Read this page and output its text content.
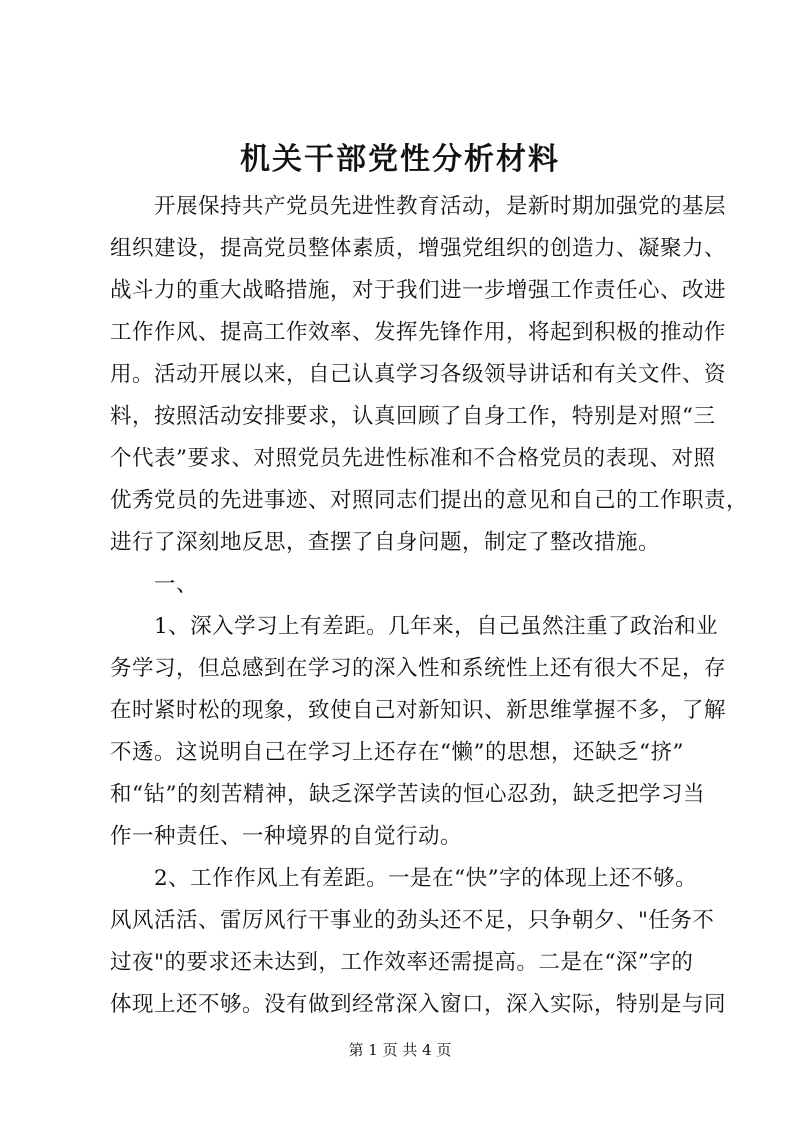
机关干部党性分析材料
　　开展保持共产党员先进性教育活动，是新时期加强党的基层
组织建设，提高党员整体素质，增强党组织的创造力、凝聚力、
战斗力的重大战略措施，对于我们进一步增强工作责任心、改进
工作作风、提高工作效率、发挥先锋作用，将起到积极的推动作
用。活动开展以来，自己认真学习各级领导讲话和有关文件、资
料，按照活动安排要求，认真回顾了自身工作，特别是对照“三
个代表”要求、对照党员先进性标准和不合格党员的表现、对照
优秀党员的先进事迹、对照同志们提出的意见和自己的工作职责，
进行了深刻地反思，查摆了自身问题，制定了整改措施。
　　一、
　　1、深入学习上有差距。几年来，自己虽然注重了政治和业
务学习，但总感到在学习的深入性和系统性上还有很大不足，存
在时紧时松的现象，致使自己对新知识、新思维掌握不多，了解
不透。这说明自己在学习上还存在“懒”的思想，还缺乏“挤”
和“钻”的刻苦精神，缺乏深学苦读的恒心忍劲，缺乏把学习当
作一种责任、一种境界的自觉行动。
　　2、工作作风上有差距。一是在“快”字的体现上还不够。
风风活活、雷厉风行干事业的劲头还不足，只争朝夕、"任务不
过夜"的要求还未达到，工作效率还需提高。二是在“深”字的
体现上还不够。没有做到经常深入窗口，深入实际，特别是与同
第 1 页 共 4 页
